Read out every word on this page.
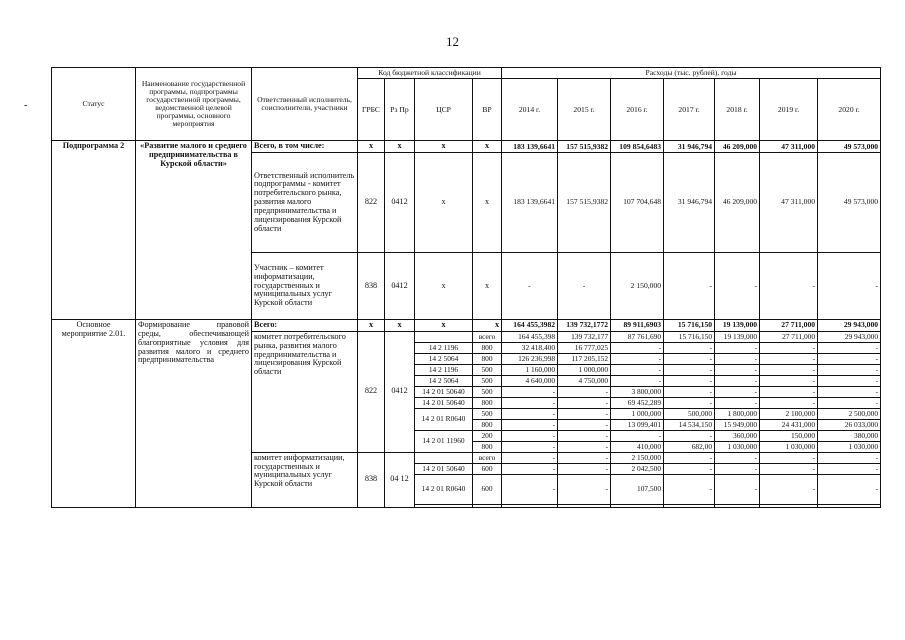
12
-	Статус	Наименование государственной программы, подпрограммы государственной программы, ведомственной целевой программы, основного мероприятия	Ответственный исполнитель, соисполнители, участники	Код бюджетной классификации				Расходы (тыс. рублей), годы						
			ГРБС	Рз Пр	ЦСР	ВР	2014 г.	2015 г.	2016 г.	2017 г.	2018 г.	2019 г.	2020 г.
Подпрограмма 2	«Развитие малого и среднего предпринимательства в Курской области»	Всего, в том числе:	х	х	х	х	183 139,6641	157 515,9382	109 854,6483	31 946,794	46 209,000	47 311,000	49 573,000
		Ответственный исполнитель подпрограммы - комитет потребительского рынка, развития малого предпринимательства и лицензирования Курской области	822	0412	х	х	183 139,6641	157 515,9382	107 704,648	31 946,794	46 209,000	47 311,000	49 573,000
		Участник – комитет информатизации, государственных и муниципальных услуг Курской области	838	0412	х	х	-	-	2 150,000	-	-	-	-
Основное мероприятие 2.01.	Формирование правовой среды, обеспечивающей благоприятные условия для развития малого и среднего предпринимательства	Всего:	х	х	х	х	164 455,3982	139 732,1772	89 911,6903	15 716,150	19 139,000	27 711,000	29 943,000
		комитет потребительского рынка, развития малого предпринимательства и лицензирования Курской области	822	0412		всего	164 455,398	139 732,177	87 761,690	15 716,150	19 139,000	27 711,000	29 943,000
					14 2 1196	800	32 418,400	16 777,025	-	-	-	-	-
					14 2 5064	800	126 236,998	117 205,152	-	-	-	-	-
					14 2 1196	500	1 160,000	1 000,000	-	-	-	-	-
					14 2 5064	500	4 640,000	4 750,000	-	-	-	-	-
					14 2 01 50640	500	-	-	3 800,000	-	-	-	-
					14 2 01 50640	800	-	-	69 452,289	-	-	-	-
					14 2 01 R0640	500	-	-	1 000,000	500,000	1 800,000	2 100,000	2 500,000
						800	-	-	13 099,401	14 534,150	15 949,000	24 431,000	26 033,000
					14 2 01 11960	200	-	-	-	-	360,000	150,000	380,000
						800	-	-	410,000	682,00	1 030,000	1 030,000	1 030,000
		комитет информатизации, государственных и муниципальных услуг Курской области	838	04 12		всего	-	-	2 150,000	-	-	-	-
					14 2 01 50640	600	-	-	2 042,500	-	-	-	-
					14 2 01 R0640	600	-	-	107,500	-	-	-	-
